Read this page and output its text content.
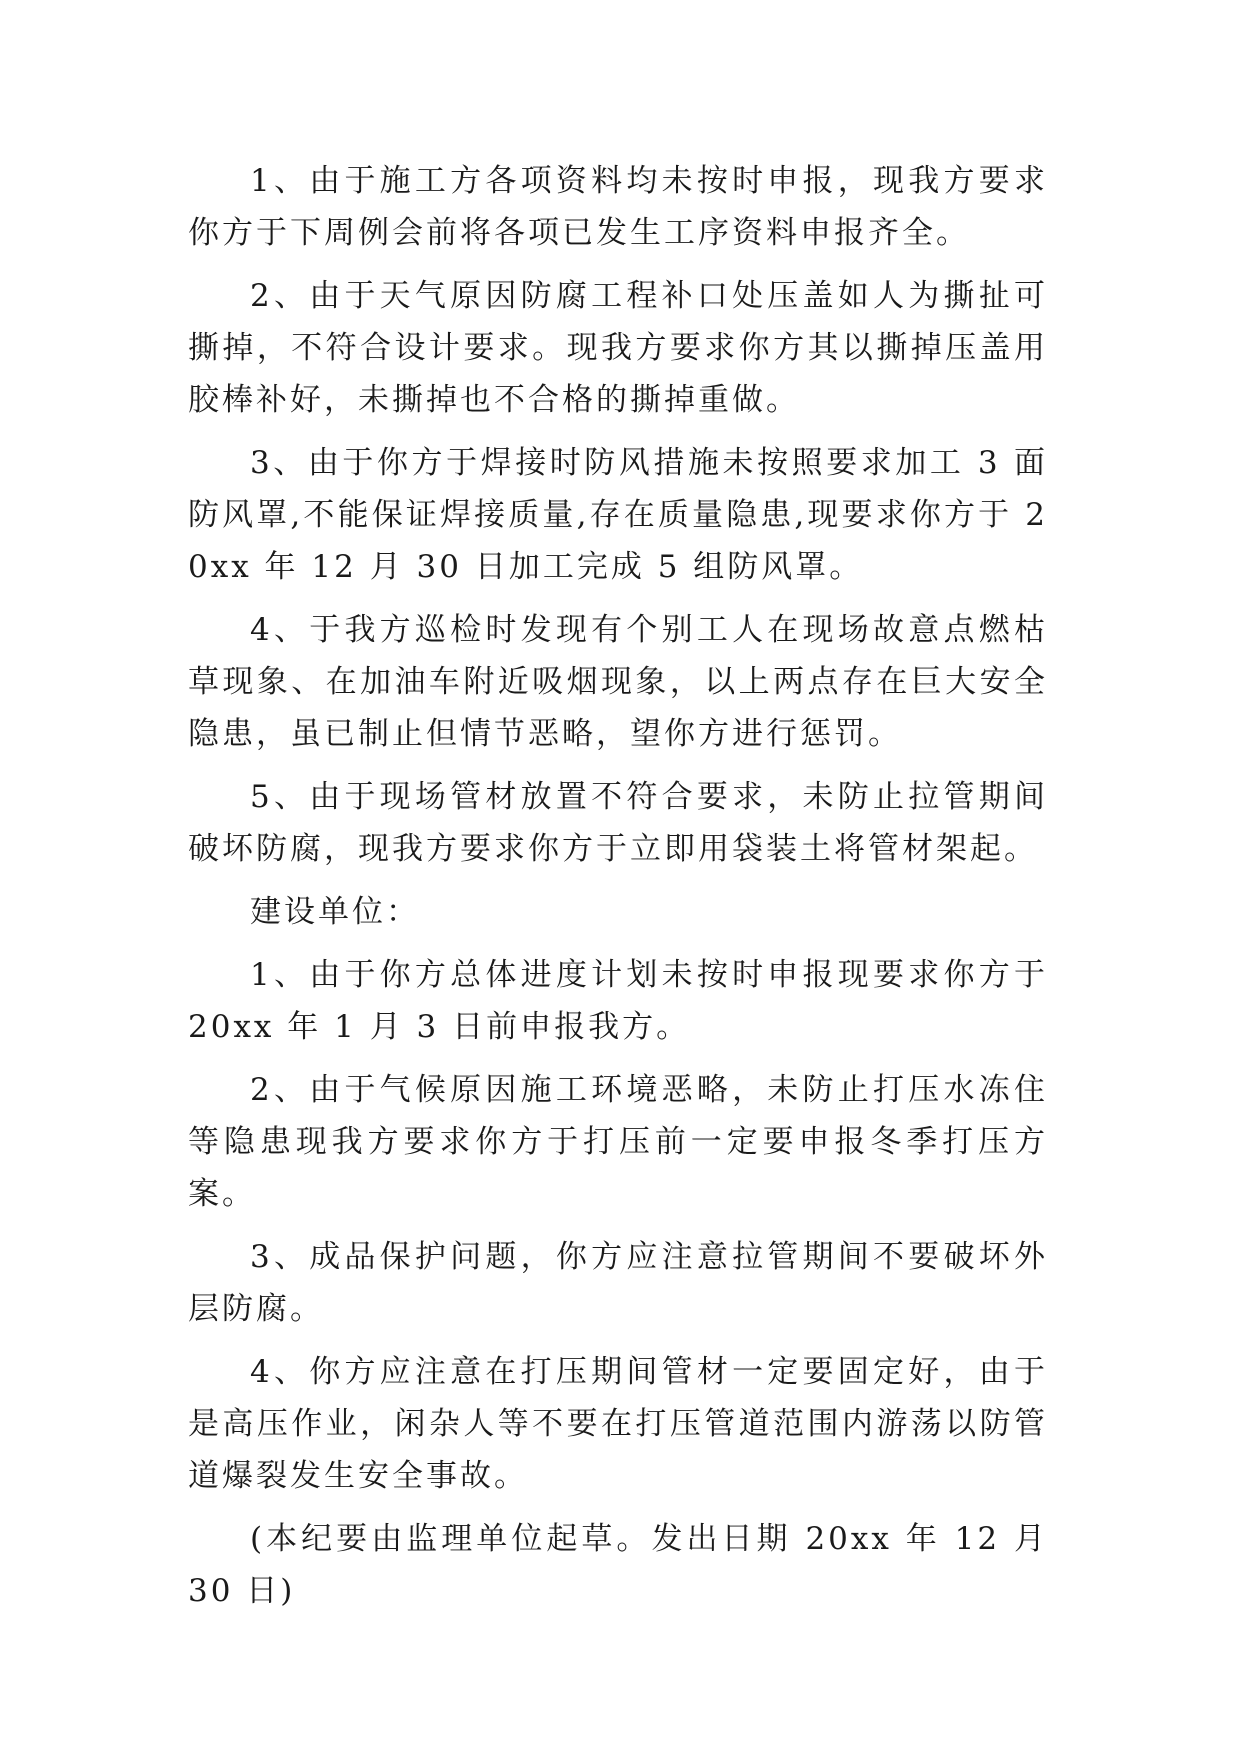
1、由于施工方各项资料均未按时申报，现我方要求你方于下周例会前将各项已发生工序资料申报齐全。

2、由于天气原因防腐工程补口处压盖如人为撕扯可撕掉，不符合设计要求。现我方要求你方其以撕掉压盖用胶棒补好，未撕掉也不合格的撕掉重做。

3、由于你方于焊接时防风措施未按照要求加工 3 面防风罩,不能保证焊接质量,存在质量隐患,现要求你方于 20xx 年 12 月 30 日加工完成 5 组防风罩。

4、于我方巡检时发现有个别工人在现场故意点燃枯草现象、在加油车附近吸烟现象，以上两点存在巨大安全隐患，虽已制止但情节恶略，望你方进行惩罚。

5、由于现场管材放置不符合要求，未防止拉管期间破坏防腐，现我方要求你方于立即用袋装土将管材架起。

建设单位：

1、由于你方总体进度计划未按时申报现要求你方于 20xx 年 1 月 3 日前申报我方。

2、由于气候原因施工环境恶略，未防止打压水冻住等隐患现我方要求你方于打压前一定要申报冬季打压方案。

3、成品保护问题，你方应注意拉管期间不要破坏外层防腐。

4、你方应注意在打压期间管材一定要固定好，由于是高压作业，闲杂人等不要在打压管道范围内游荡以防管道爆裂发生安全事故。

(本纪要由监理单位起草。发出日期 20xx 年 12 月 30 日)
